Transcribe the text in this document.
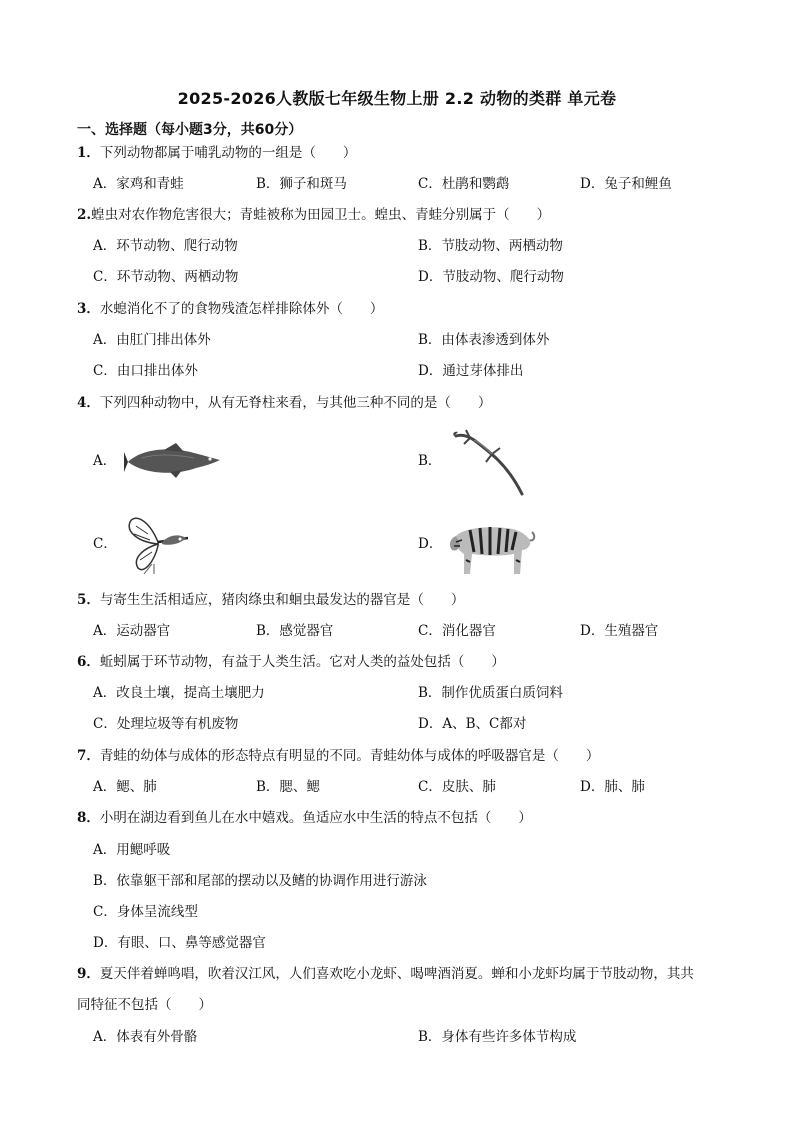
2025-2026人教版七年级生物上册 2.2 动物的类群 单元卷
一、选择题（每小题3分，共60分）
1．下列动物都属于哺乳动物的一组是（　　）
A．家鸡和青蛙	B．狮子和斑马	C．杜鹃和鹦鹉	D．兔子和鲤鱼
2.蝗虫对农作物危害很大；青蛙被称为田园卫士。蝗虫、青蛙分别属于（　　）
A．环节动物、爬行动物	B．节肢动物、两栖动物
C．环节动物、两栖动物	D．节肢动物、爬行动物
3．水螅消化不了的食物残渣怎样排除体外（　　）
A．由肛门排出体外	B．由体表渗透到体外
C．由口排出体外	D．通过芽体排出
4．下列四种动物中，从有无脊柱来看，与其他三种不同的是（　　）
A．	B．
C．	D．
5．与寄生生活相适应，猪肉绦虫和蛔虫最发达的器官是（　　）
A．运动器官	B．感觉器官	C．消化器官	D．生殖器官
6．蚯蚓属于环节动物，有益于人类生活。它对人类的益处包括（　　）
A．改良土壤，提高土壤肥力	B．制作优质蛋白质饲料
C．处理垃圾等有机废物	D．A、B、C都对
7．青蛙的幼体与成体的形态特点有明显的不同。青蛙幼体与成体的呼吸器官是（　　）
A．鳃、肺	B．腮、鳃	C．皮肤、肺	D．肺、肺
8．小明在湖边看到鱼儿在水中嬉戏。鱼适应水中生活的特点不包括（　　）
A．用鳃呼吸
B．依靠躯干部和尾部的摆动以及鳍的协调作用进行游泳
C．身体呈流线型
D．有眼、口、鼻等感觉器官
9．夏天伴着蝉鸣唱，吹着汉江风，人们喜欢吃小龙虾、喝啤酒消夏。蝉和小龙虾均属于节肢动物，其共
同特征不包括（　　）
A．体表有外骨骼	B．身体有些许多体节构成
